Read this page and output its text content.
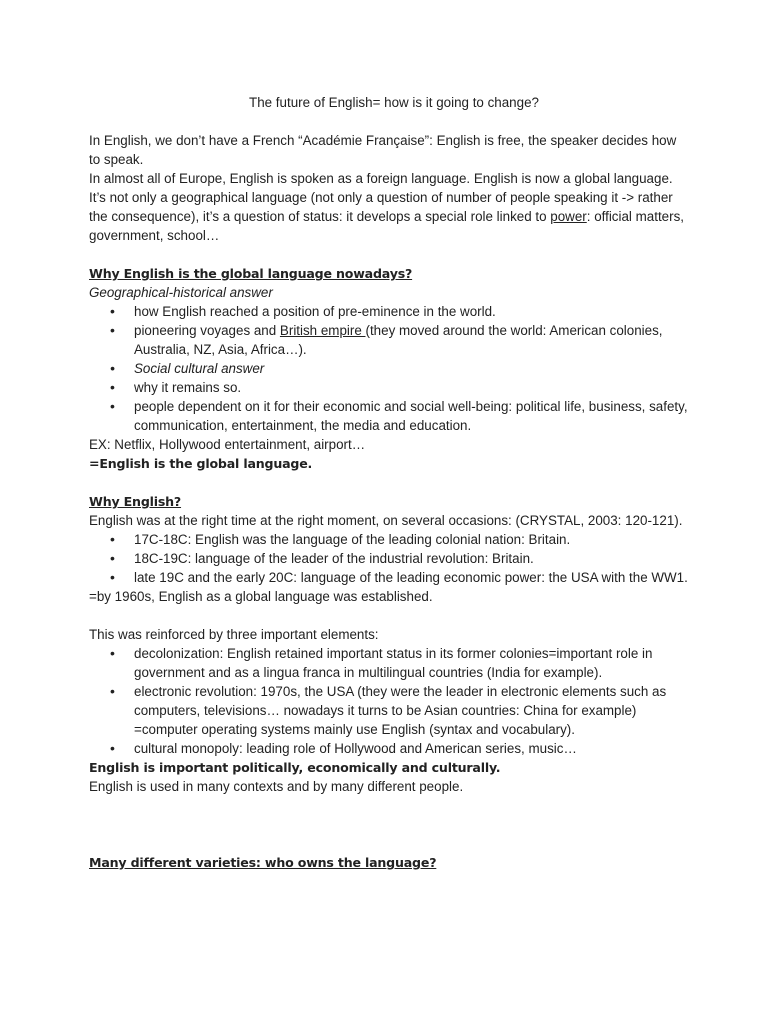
The future of English= how is it going to change?

In English, we don’t have a French “Académie Française”: English is free, the speaker decides how to speak.

In almost all of Europe, English is spoken as a foreign language. English is now a global language.

It’s not only a geographical language (not only a question of number of people speaking it -> rather the consequence), it’s a question of status: it develops a special role linked to power: official matters, government, school…

Why English is the global language nowadays?

Geographical-historical answer

• how English reached a position of pre-eminence in the world.
• pioneering voyages and British empire (they moved around the world: American colonies, Australia, NZ, Asia, Africa…).
• Social cultural answer
• why it remains so.
• people dependent on it for their economic and social well-being: political life, business, safety, communication, entertainment, the media and education.

EX: Netflix, Hollywood entertainment, airport…

=English is the global language.

Why English?

English was at the right time at the right moment, on several occasions: (CRYSTAL, 2003: 120-121).

• 17C-18C: English was the language of the leading colonial nation: Britain.
• 18C-19C: language of the leader of the industrial revolution: Britain.
• late 19C and the early 20C: language of the leading economic power: the USA with the WW1.

=by 1960s, English as a global language was established.

This was reinforced by three important elements:

• decolonization: English retained important status in its former colonies=important role in government and as a lingua franca in multilingual countries (India for example).
• electronic revolution: 1970s, the USA (they were the leader in electronic elements such as computers, televisions… nowadays it turns to be Asian countries: China for example) =computer operating systems mainly use English (syntax and vocabulary).
• cultural monopoly: leading role of Hollywood and American series, music…

English is important politically, economically and culturally.

English is used in many contexts and by many different people.

Many different varieties: who owns the language?
